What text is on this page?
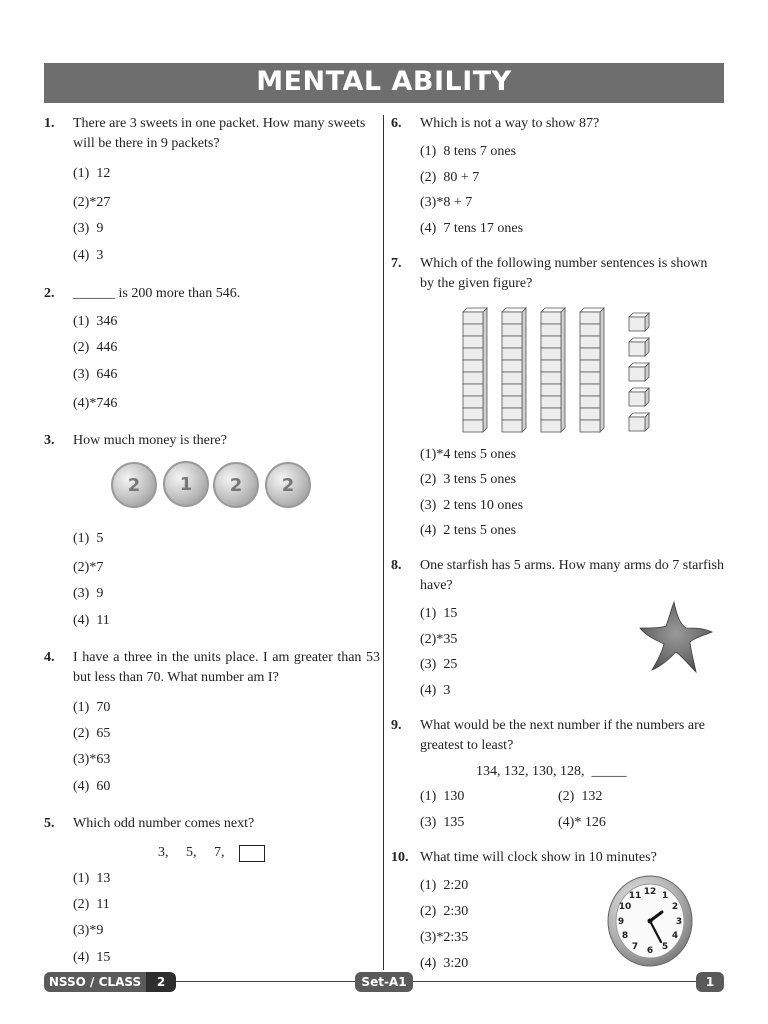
MENTAL ABILITY
1. There are 3 sweets in one packet. How many sweets will be there in 9 packets?
(1)  12
(2)*27
(3)  9
(4)  3
2. ______ is 200 more than 546.
(1)  346
(2)  446
(3)  646
(4)*746
3. How much money is there?
2	1	2	2
(1)  5
(2)*7
(3)  9
(4)  11
4. I have a three in the units place. I am greater than 53 but less than 70. What number am I?
(1)  70
(2)  65
(3)*63
(4)  60
5. Which odd number comes next?
3,     5,     7,
(1)  13
(2)  11
(3)*9
(4)  15
6. Which is not a way to show 87?
(1)  8 tens 7 ones
(2)  80 + 7
(3)*8 + 7
(4)  7 tens 17 ones
7. Which of the following number sentences is shown by the given figure?
(1)*4 tens 5 ones
(2)  3 tens 5 ones
(3)  2 tens 10 ones
(4)  2 tens 5 ones
8. One starfish has 5 arms. How many arms do 7 starfish have?
(1)  15
(2)*35
(3)  25
(4)  3
9. What would be the next number if the numbers are greatest to least?
134, 132, 130, 128,  _____
(1)  130	(2)  132
(3)  135	(4)* 126
10. What time will clock show in 10 minutes?
(1)  2:20
(2)  2:30
(3)*2:35
(4)  3:20
12 1
2
3
4
5
6
7
8
9
10
11
NSSO / CLASS	2	Set-A1	1
